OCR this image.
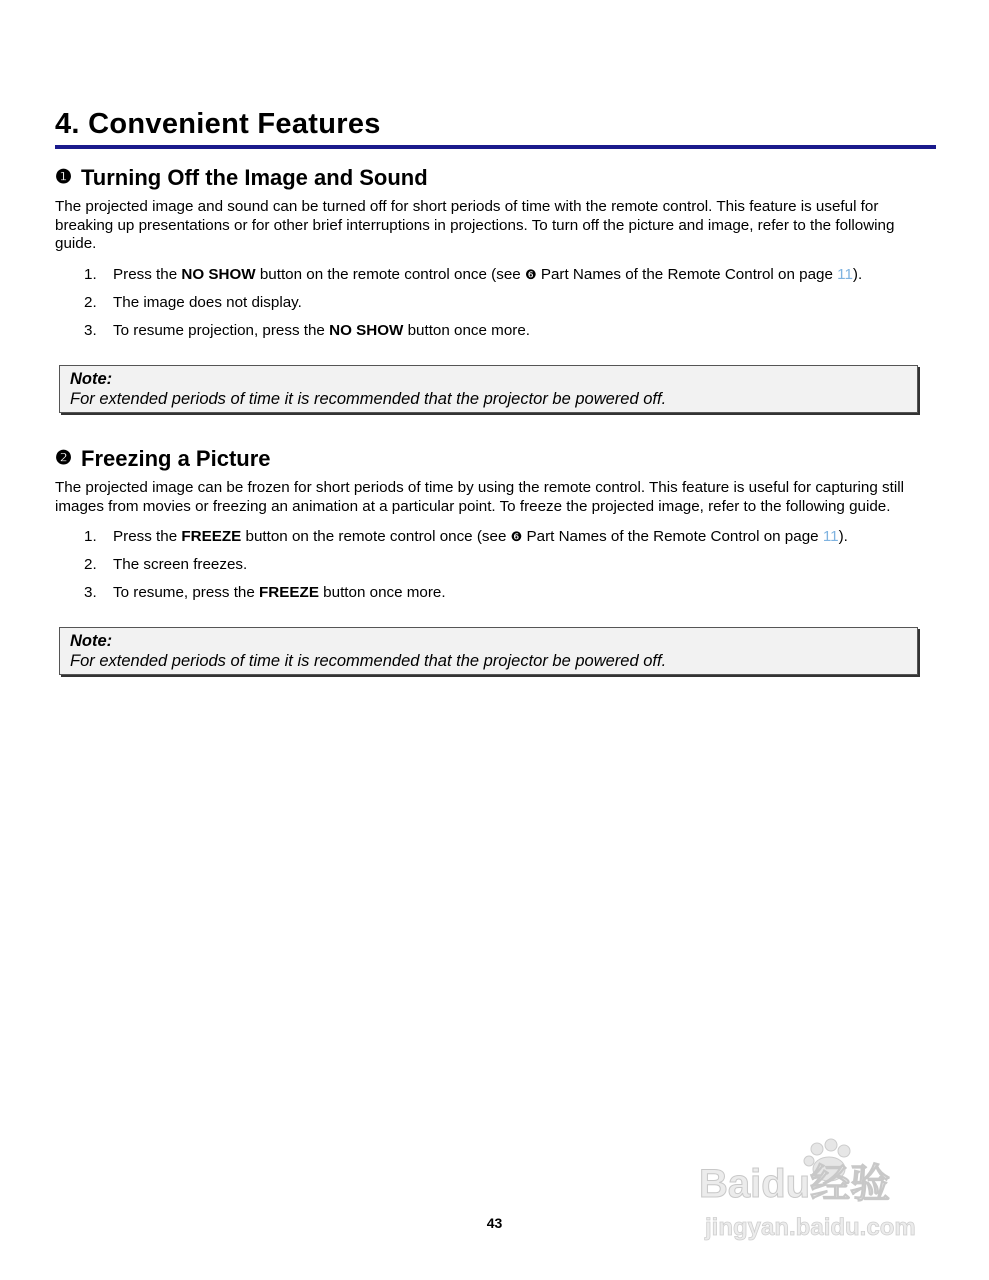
4. Convenient Features
❶ Turning Off the Image and Sound

The projected image and sound can be turned off for short periods of time with the remote control. This feature is useful for breaking up presentations or for other brief interruptions in projections. To turn off the picture and image, refer to the following guide.

1. Press the NO SHOW button on the remote control once (see ❻ Part Names of the Remote Control on page 11).
2. The image does not display.
3. To resume projection, press the NO SHOW button once more.
Note:
For extended periods of time it is recommended that the projector be powered off.
❷ Freezing a Picture

The projected image can be frozen for short periods of time by using the remote control. This feature is useful for capturing still images from movies or freezing an animation at a particular point. To freeze the projected image, refer to the following guide.

1. Press the FREEZE button on the remote control once (see ❻ Part Names of the Remote Control on page 11).
2. The screen freezes.
3. To resume, press the FREEZE button once more.
Note:
For extended periods of time it is recommended that the projector be powered off.
43
Baidu经验
jingyan.baidu.com
